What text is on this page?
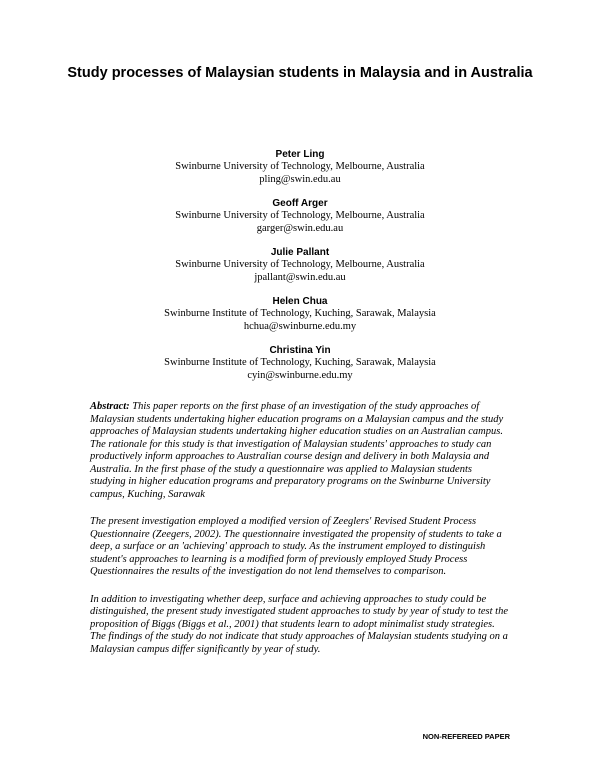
Study processes of Malaysian students in Malaysia and in Australia
Peter Ling
Swinburne University of Technology, Melbourne, Australia
pling@swin.edu.au
Geoff Arger
Swinburne University of Technology, Melbourne, Australia
garger@swin.edu.au
Julie Pallant
Swinburne University of Technology, Melbourne, Australia
jpallant@swin.edu.au
Helen Chua
Swinburne Institute of Technology, Kuching, Sarawak, Malaysia
hchua@swinburne.edu.my
Christina Yin
Swinburne Institute of Technology, Kuching, Sarawak, Malaysia
cyin@swinburne.edu.my

Abstract: This paper reports on the first phase of an investigation of the study approaches of Malaysian students undertaking higher education programs on a Malaysian campus and the study approaches of Malaysian students undertaking higher education studies on an Australian campus. The rationale for this study is that investigation of Malaysian students' approaches to study can productively inform approaches to Australian course design and delivery in both Malaysia and Australia. In the first phase of the study a questionnaire was applied to Malaysian students studying in higher education programs and preparatory programs on the Swinburne University campus, Kuching, Sarawak

The present investigation employed a modified version of Zeeglers' Revised Student Process Questionnaire (Zeegers, 2002). The questionnaire investigated the propensity of students to take a deep, a surface or an 'achieving' approach to study. As the instrument employed to distinguish student's approaches to learning is a modified form of previously employed Study Process Questionnaires the results of the investigation do not lend themselves to comparison.

In addition to investigating whether deep, surface and achieving approaches to study could be distinguished, the present study investigated student approaches to study by year of study to test the proposition of Biggs (Biggs et al., 2001) that students learn to adopt minimalist study strategies. The findings of the study do not indicate that study approaches of Malaysian students studying on a Malaysian campus differ significantly by year of study.

NON-REFEREED PAPER
